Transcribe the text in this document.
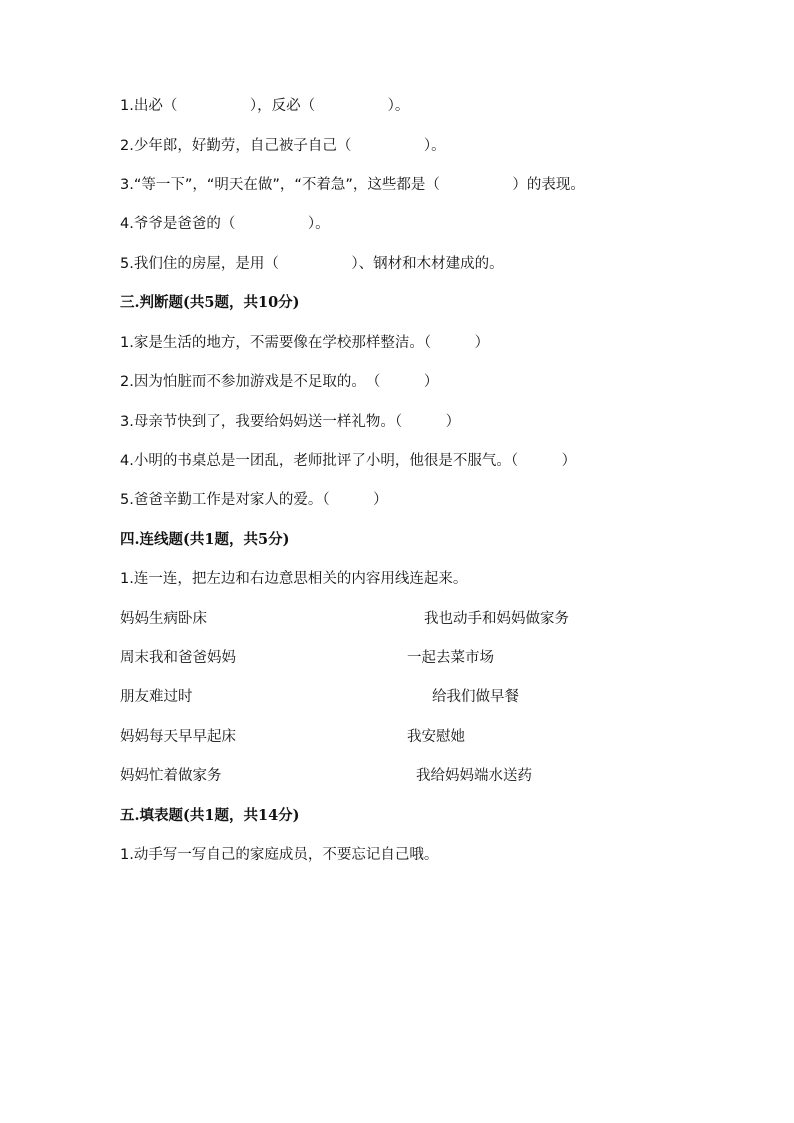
1.出必（　　　　　），反必（　　　　　）。
2.少年郎，好勤劳，自己被子自己（　　　　　）。
3.“等一下”，“明天在做”，“不着急”，这些都是（　　　　　）的表现。
4.爷爷是爸爸的（　　　　　）。
5.我们住的房屋，是用（　　　　　）、钢材和木材建成的。
三.判断题(共5题，共10分)
1.家是生活的地方，不需要像在学校那样整洁。（　　　）
2.因为怕脏而不参加游戏是不足取的。　（　　　）
3.母亲节快到了，我要给妈妈送一样礼物。（　　　）
4.小明的书桌总是一团乱，老师批评了小明，他很是不服气。（　　　）
5.爸爸辛勤工作是对家人的爱。（　　　）
四.连线题(共1题，共5分)
1.连一连，把左边和右边意思相关的内容用线连起来。
妈妈生病卧床	我也动手和妈妈做家务
周末我和爸爸妈妈	一起去菜市场
朋友难过时	给我们做早餐
妈妈每天早早起床	我安慰她
妈妈忙着做家务	我给妈妈端水送药
五.填表题(共1题，共14分)
1.动手写一写自己的家庭成员，不要忘记自己哦。
